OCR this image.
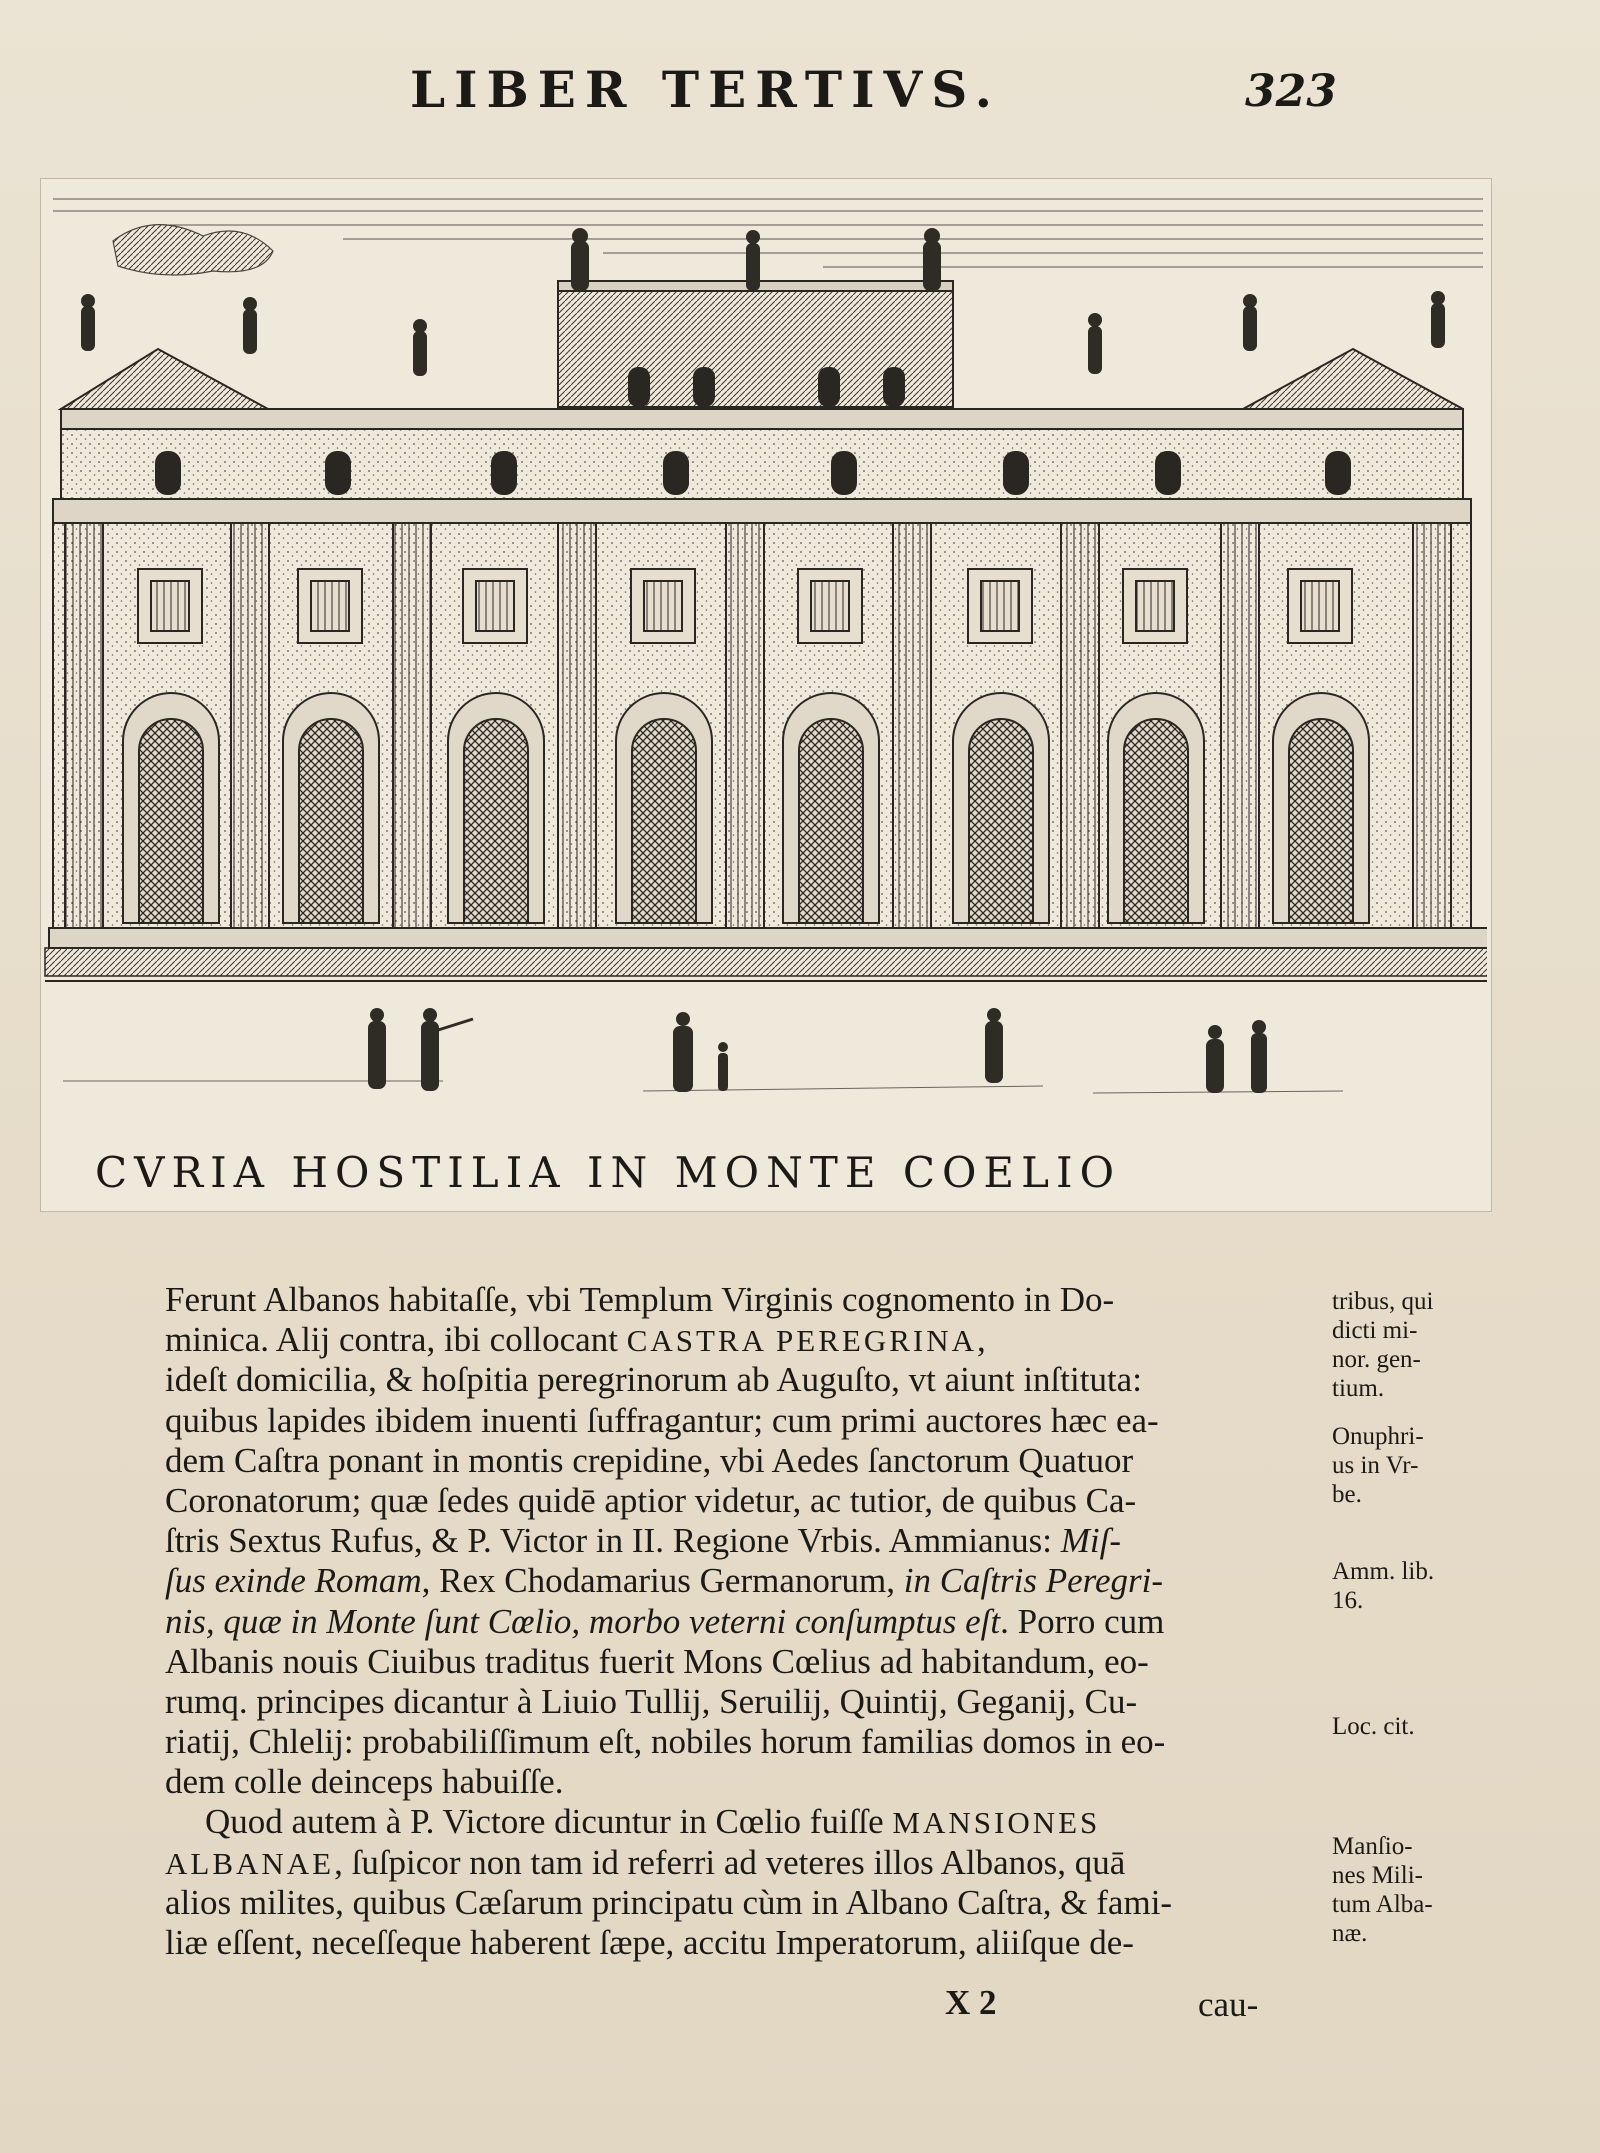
LIBER TERTIVS.	323
CVRIA HOSTILIA IN MONTE COELIO
Ferunt Albanos habitaſſe, vbi Templum Virginis cognomento in Do-
minica. Alij contra, ibi collocant CASTRA PEREGRINA,
ideſt domicilia, & hoſpitia peregrinorum ab Auguſto, vt aiunt inſtituta:
quibus lapides ibidem inuenti ſuffragantur; cum primi auctores hæc ea-
dem Caſtra ponant in montis crepidine, vbi Aedes ſanctorum Quatuor
Coronatorum; quæ ſedes quidē aptior videtur, ac tutior, de quibus Ca-
ſtris Sextus Rufus, & P. Victor in II. Regione Vrbis. Ammianus: Miſ-
ſus exinde Romam, Rex Chodamarius Germanorum, in Caſtris Peregri-
nis, quæ in Monte ſunt Cœlio, morbo veterni conſumptus eſt. Porro cum
Albanis nouis Ciuibus traditus fuerit Mons Cœlius ad habitandum, eo-
rumq. principes dicantur à Liuio Tullij, Seruilij, Quintij, Geganij, Cu-
riatij, Chlelij: probabiliſſimum eſt, nobiles horum familias domos in eo-
dem colle deinceps habuiſſe.
Quod autem à P. Victore dicuntur in Cœlio fuiſſe MANSIONES
ALBANAE, ſuſpicor non tam id referri ad veteres illos Albanos, quā
alios milites, quibus Cæſarum principatu cùm in Albano Caſtra, & fami-
liæ eſſent, neceſſeque haberent ſæpe, accitu Imperatorum, aliiſque de-
tribus, qui
dicti mi-
nor. gen-
tium.
Onuphri-
us in Vr-
be.
Amm. lib.
16.
Loc. cit.
Manſio-
nes Mili-
tum Alba-
næ.
X 2	cau-
